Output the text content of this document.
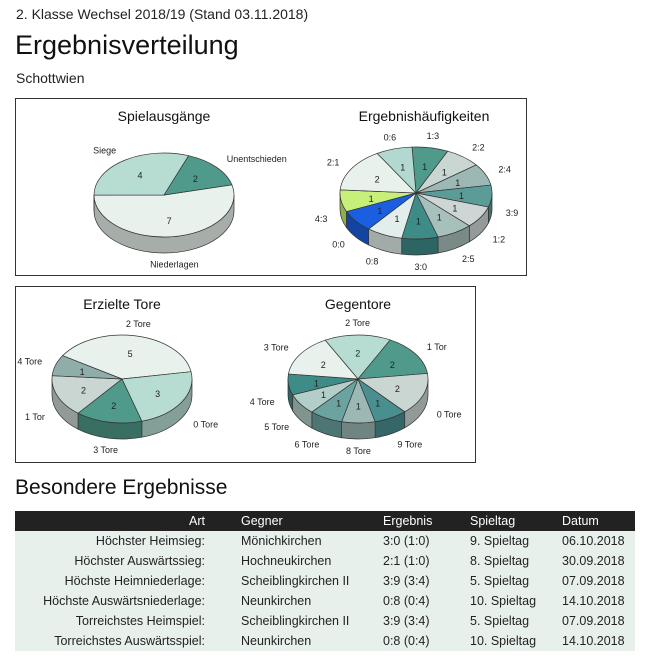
2. Klasse Wechsel 2018/19 (Stand 03.11.2018)
Ergebnisverteilung
Schottwien
Spielausgänge
7
Niederlagen
4
Siege
2
Unentschieden
Ergebnishäufigkeiten
1
1:3
1
2:2
1
2:4
1
3:9
1
1:2
1
2:5
1
3:0
1
0:8
1
0:0
1
4:3
2
2:1	1
0:6
Erzielte Tore
5
2 Tore
3
0 Tore
2
3 Tore
2
1 Tor
1
4 Tore
Gegentore
2
2 Tore
2
1 Tor
2
0 Tore
1
9 Tore
1
8 Tore
1
6 Tore
1
5 Tore
1
4 Tore
2
3 Tore
Besondere Ergebnisse
Art	Gegner	Ergebnis	Spieltag	Datum
Höchster Heimsieg:	Mönichkirchen	3:0 (1:0)	9. Spieltag	06.10.2018
Höchster Auswärtssieg:	Hochneukirchen	2:1 (1:0)	8. Spieltag	30.09.2018
Höchste Heimniederlage:	Scheiblingkirchen II	3:9 (3:4)	5. Spieltag	07.09.2018
Höchste Auswärtsniederlage:	Neunkirchen	0:8 (0:4)	10. Spieltag	14.10.2018
Torreichstes Heimspiel:	Scheiblingkirchen II	3:9 (3:4)	5. Spieltag	07.09.2018
Torreichstes Auswärtsspiel:	Neunkirchen	0:8 (0:4)	10. Spieltag	14.10.2018
